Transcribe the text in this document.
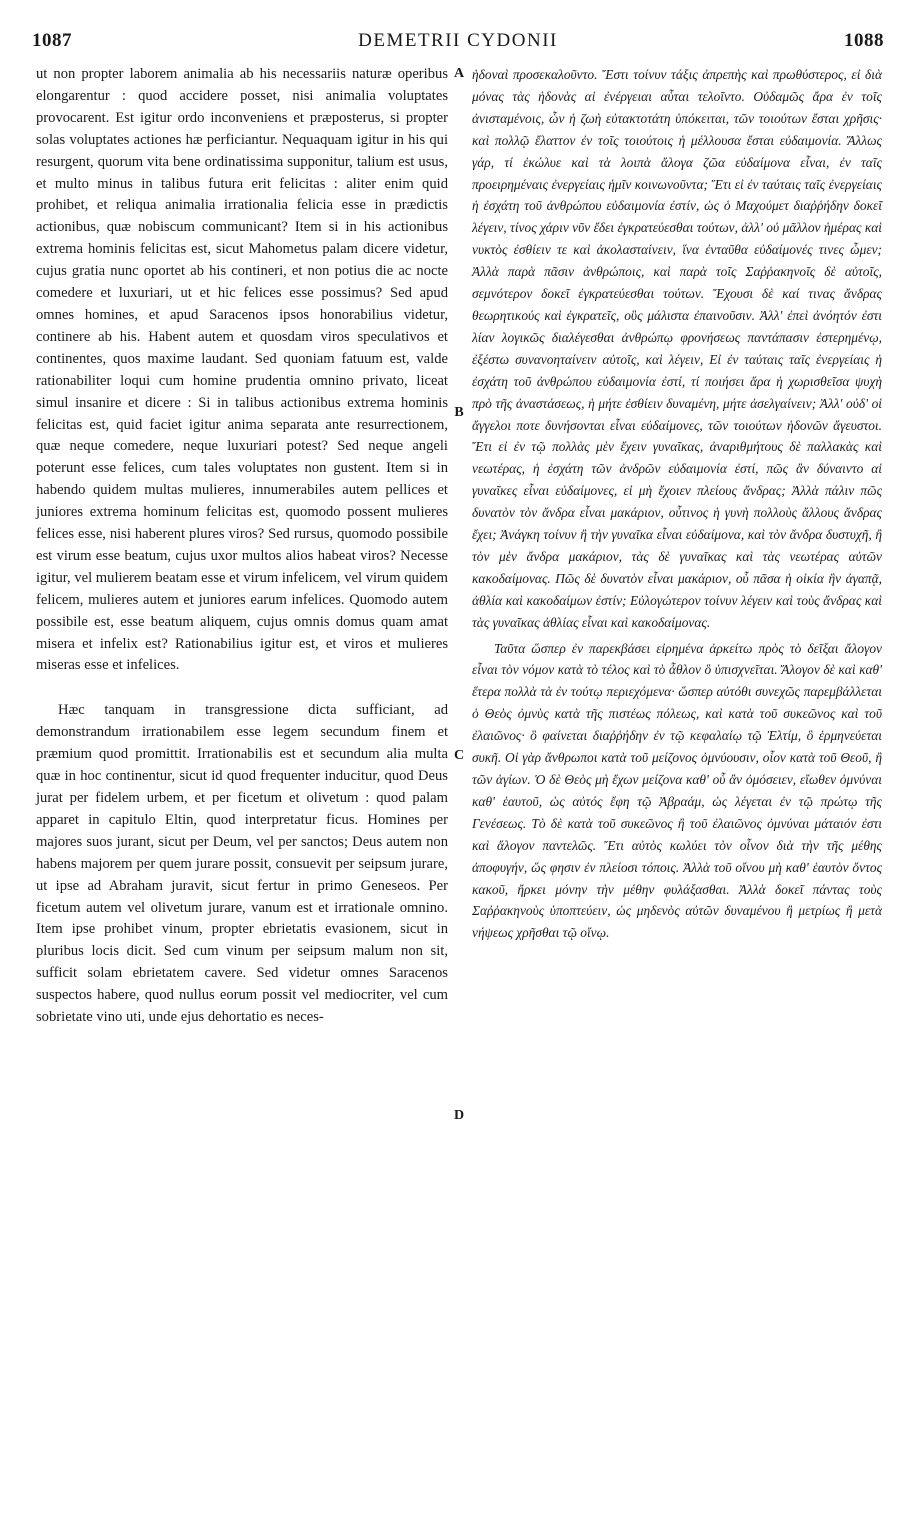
1087	DEMETRII CYDONII	1088

ut non propter laborem animalia ab his necessariis naturæ operibus elongarentur : quod accidere posset, nisi animalia voluptates provocarent. Est igitur ordo inconveniens et præposterus, si propter solas voluptates actiones hæ perficiantur. Nequaquam igitur in his qui resurgent, quorum vita bene ordinatissima supponitur, talium est usus, et multo minus in talibus futura erit felicitas : aliter enim quid prohibet, et reliqua animalia irrationalia felicia esse in prædictis actionibus, quæ nobiscum communicant? Item si in his actionibus extrema hominis felicitas est, sicut Mahometus palam dicere videtur, cujus gratia nunc oportet ab his contineri, et non potius die ac nocte comedere et luxuriari, ut et hic felices esse possimus? Sed apud omnes homines, et apud Saracenos ipsos honorabilius videtur, continere ab his. Habent autem et quosdam viros speculativos et continentes, quos maxime laudant. Sed quoniam fatuum est, valde rationabiliter loqui cum homine prudentia omnino privato, liceat simul insanire et dicere : Si in talibus actionibus extrema hominis felicitas est, quid faciet igitur anima separata ante resurrectionem, quæ neque comedere, neque luxuriari potest? Sed neque angeli poterunt esse felices, cum tales voluptates non gustent. Item si in habendo quidem multas mulieres, innumerabiles autem pellices et juniores extrema hominum felicitas est, quomodo possent mulieres felices esse, nisi haberent plures viros? Sed rursus, quomodo possibile est virum esse beatum, cujus uxor multos alios habeat viros? Necesse igitur, vel mulierem beatam esse et virum infelicem, vel virum quidem felicem, mulieres autem et juniores earum infelices. Quomodo autem possibile est, esse beatum aliquem, cujus omnis domus quam amat misera et infelix est? Rationabilius igitur est, et viros et mulieres miseras esse et infelices.

Hæc tanquam in transgressione dicta sufficiant, ad demonstrandum irrationabilem esse legem secundum finem et præmium quod promittit. Irrationabilis est et secundum alia multa quæ in hoc continentur, sicut id quod frequenter inducitur, quod Deus jurat per fidelem urbem, et per ficetum et olivetum : quod palam apparet in capitulo Eltin, quod interpretatur ficus. Homines per majores suos jurant, sicut per Deum, vel per sanctos; Deus autem non habens majorem per quem jurare possit, consuevit per seipsum jurare, ut ipse ad Abraham juravit, sicut fertur in primo Geneseos. Per ficetum autem vel olivetum jurare, vanum est et irrationale omnino. Item ipse prohibet vinum, propter ebrietatis evasionem, sicut in pluribus locis dicit. Sed cum vinum per seipsum malum non sit, sufficit solam ebrietatem cavere. Sed videtur omnes Saracenos suspectos habere, quod nullus eorum possit vel mediocriter, vel cum sobrietate vino uti, unde ejus dehortatio es neces-

A
B
C
D

ἡδοναὶ προσεκαλοῦντο. Ἔστι τοίνυν τάξις ἀπρεπὴς καὶ πρωθύστερος, εἰ διὰ μόνας τὰς ἡδονὰς αἱ ἐνέργειαι αὗται τελοῖντο. Οὐδαμῶς ἄρα ἐν τοῖς ἀνισταμένοις, ὧν ἡ ζωὴ εὐτακτοτάτη ὑπόκειται, τῶν τοιούτων ἔσται χρῆσις· καὶ πολλῷ ἔλαττον ἐν τοῖς τοιούτοις ἡ μέλλουσα ἔσται εὐδαιμονία. Ἄλλως γάρ, τί ἐκώλυε καὶ τὰ λοιπὰ ἄλογα ζῶα εὐδαίμονα εἶναι, ἐν ταῖς προειρημέναις ἐνεργείαις ἡμῖν κοινωνοῦντα; Ἔτι εἰ ἐν ταύταις ταῖς ἐνεργείαις ἡ ἐσχάτη τοῦ ἀνθρώπου εὐδαιμονία ἐστίν, ὡς ὁ Μαχούμετ διαῤῥήδην δοκεῖ λέγειν, τίνος χάριν νῦν ἔδει ἐγκρατεύεσθαι τούτων, ἀλλ' οὐ μᾶλλον ἡμέρας καὶ νυκτὸς ἐσθίειν τε καὶ ἀκολασταίνειν, ἵνα ἐνταῦθα εὐδαίμονές τινες ὦμεν; Ἀλλὰ παρὰ πᾶσιν ἀνθρώποις, καὶ παρὰ τοῖς Σαῤῥακηνοῖς δὲ αὐτοῖς, σεμνότερον δοκεῖ ἐγκρατεύεσθαι τούτων. Ἔχουσι δὲ καί τινας ἄνδρας θεωρητικούς καὶ ἐγκρατεῖς, οὓς μάλιστα ἐπαινοῦσιν. Ἀλλ' ἐπεὶ ἀνόητόν ἐστι λίαν λογικῶς διαλέγεσθαι ἀνθρώπῳ φρονήσεως παντάπασιν ἐστερημένῳ, ἐξέστω συνανοηταίνειν αὐτοῖς, καὶ λέγειν, Εἰ ἐν ταύταις ταῖς ἐνεργείαις ἡ ἐσχάτη τοῦ ἀνθρώπου εὐδαιμονία ἐστί, τί ποιήσει ἄρα ἡ χωρισθεῖσα ψυχὴ πρὸ τῆς ἀναστάσεως, ἡ μήτε ἐσθίειν δυναμένη, μήτε ἀσελγαίνειν; Ἀλλ' οὐδ' οἱ ἄγγελοι ποτε δυνήσονται εἶναι εὐδαίμονες, τῶν τοιούτων ἡδονῶν ἄγευστοι. Ἔτι εἰ ἐν τῷ πολλὰς μὲν ἔχειν γυναῖκας, ἀναριθμήτους δὲ παλλακὰς καὶ νεωτέρας, ἡ ἐσχάτη τῶν ἀνδρῶν εὐδαιμονία ἐστί, πῶς ἂν δύναιντο αἱ γυναῖκες εἶναι εὐδαίμονες, εἰ μὴ ἔχοιεν πλείους ἄνδρας; Ἀλλὰ πάλιν πῶς δυνατὸν τὸν ἄνδρα εἶναι μακάριον, οὗτινος ἡ γυνὴ πολλοὺς ἄλλους ἄνδρας ἔχει; Ἀνάγκη τοίνυν ἢ τὴν γυναῖκα εἶναι εὐδαίμονα, καὶ τὸν ἄνδρα δυστυχῆ, ἢ τὸν μὲν ἄνδρα μακάριον, τὰς δὲ γυναῖκας καὶ τὰς νεωτέρας αὐτῶν κακοδαίμονας. Πῶς δὲ δυνατὸν εἶναι μακάριον, οὗ πᾶσα ἡ οἰκία ἣν ἀγαπᾷ, ἀθλία καὶ κακοδαίμων ἐστίν; Εὐλογώτερον τοίνυν λέγειν καὶ τοὺς ἄνδρας καὶ τὰς γυναῖκας ἀθλίας εἶναι καὶ κακοδαίμονας.

Ταῦτα ὥσπερ ἐν παρεκβάσει εἰρημένα ἀρκείτω πρὸς τὸ δεῖξαι ἄλογον εἶναι τὸν νόμον κατὰ τὸ τέλος καὶ τὸ ἆθλον ὃ ὑπισχνεῖται. Ἄλογον δὲ καὶ καθ' ἕτερα πολλὰ τὰ ἐν τούτῳ περιεχόμενα· ὥσπερ αὐτόθι συνεχῶς παρεμβάλλεται ὁ Θεὸς ὀμνὺς κατὰ τῆς πιστέως πόλεως, καὶ κατὰ τοῦ συκεῶνος καὶ τοῦ ἐλαιῶνος· ὃ φαίνεται διαῤῥήδην ἐν τῷ κεφαλαίῳ τῷ Ἐλτίμ, ὃ ἑρμηνεύεται συκῆ. Οἱ γὰρ ἄνθρωποι κατὰ τοῦ μείζονος ὀμνύουσιν, οἷον κατὰ τοῦ Θεοῦ, ἢ τῶν ἁγίων. Ὁ δὲ Θεὸς μὴ ἔχων μείζονα καθ' οὗ ἂν ὀμόσειεν, εἴωθεν ὀμνύναι καθ' ἑαυτοῦ, ὡς αὐτός ἔφη τῷ Ἀβραάμ, ὡς λέγεται ἐν τῷ πρώτῳ τῆς Γενέσεως. Τὸ δὲ κατὰ τοῦ συκεῶνος ἢ τοῦ ἐλαιῶνος ὀμνύναι μάταιόν ἐστι καὶ ἄλογον παντελῶς. Ἔτι αὐτὸς κωλύει τὸν οἶνον διὰ τὴν τῆς μέθης ἀποφυγήν, ὥς φησιν ἐν πλείοσι τόποις. Ἀλλὰ τοῦ οἴνου μὴ καθ' ἑαυτὸν ὄντος κακοῦ, ἤρκει μόνην τὴν μέθην φυλάξασθαι. Ἀλλὰ δοκεῖ πάντας τοὺς Σαῤῥακηνοὺς ὑποπτεύειν, ὡς μηδενὸς αὐτῶν δυναμένου ἢ μετρίως ἢ μετὰ νήψεως χρῆσθαι τῷ οἴνῳ.
